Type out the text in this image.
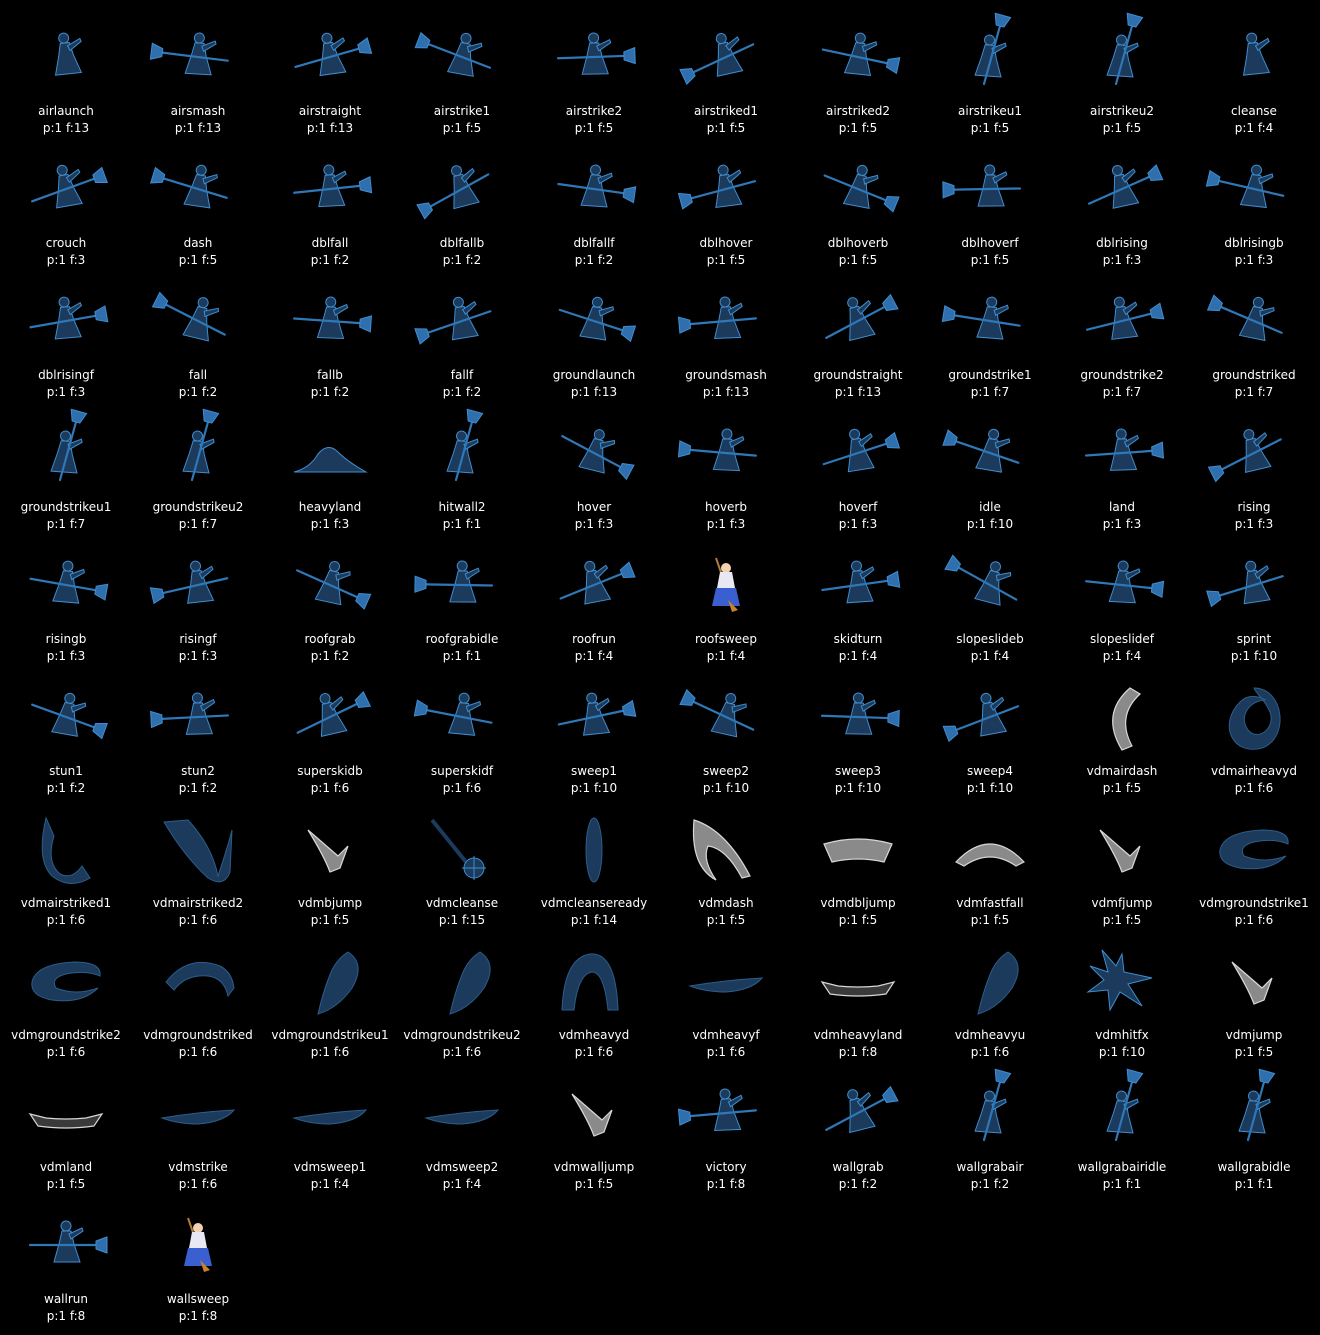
airlaunch
p:1 f:13
airsmash
p:1 f:13
airstraight
p:1 f:13
airstrike1
p:1 f:5
airstrike2
p:1 f:5
airstriked1
p:1 f:5
airstriked2
p:1 f:5
airstrikeu1
p:1 f:5
airstrikeu2
p:1 f:5
cleanse
p:1 f:4
crouch
p:1 f:3
dash
p:1 f:5
dblfall
p:1 f:2
dblfallb
p:1 f:2
dblfallf
p:1 f:2
dblhover
p:1 f:5
dblhoverb
p:1 f:5
dblhoverf
p:1 f:5
dblrising
p:1 f:3
dblrisingb
p:1 f:3
dblrisingf
p:1 f:3
fall
p:1 f:2
fallb
p:1 f:2
fallf
p:1 f:2
groundlaunch
p:1 f:13
groundsmash
p:1 f:13
groundstraight
p:1 f:13
groundstrike1
p:1 f:7
groundstrike2
p:1 f:7
groundstriked
p:1 f:7
groundstrikeu1
p:1 f:7
groundstrikeu2
p:1 f:7
heavyland
p:1 f:3
hitwall2
p:1 f:1
hover
p:1 f:3
hoverb
p:1 f:3
hoverf
p:1 f:3
idle
p:1 f:10
land
p:1 f:3
rising
p:1 f:3
risingb
p:1 f:3
risingf
p:1 f:3
roofgrab
p:1 f:2
roofgrabidle
p:1 f:1
roofrun
p:1 f:4
roofsweep
p:1 f:4
skidturn
p:1 f:4
slopeslideb
p:1 f:4
slopeslidef
p:1 f:4
sprint
p:1 f:10
stun1
p:1 f:2
stun2
p:1 f:2
superskidb
p:1 f:6
superskidf
p:1 f:6
sweep1
p:1 f:10
sweep2
p:1 f:10
sweep3
p:1 f:10
sweep4
p:1 f:10
vdmairdash
p:1 f:5
vdmairheavyd
p:1 f:6
vdmairstriked1
p:1 f:6
vdmairstriked2
p:1 f:6
vdmbjump
p:1 f:5
vdmcleanse
p:1 f:15
vdmcleanseready
p:1 f:14
vdmdash
p:1 f:5
vdmdbljump
p:1 f:5
vdmfastfall
p:1 f:5
vdmfjump
p:1 f:5
vdmgroundstrike1
p:1 f:6
vdmgroundstrike2
p:1 f:6
vdmgroundstriked
p:1 f:6
vdmgroundstrikeu1
p:1 f:6
vdmgroundstrikeu2
p:1 f:6
vdmheavyd
p:1 f:6
vdmheavyf
p:1 f:6
vdmheavyland
p:1 f:8
vdmheavyu
p:1 f:6
vdmhitfx
p:1 f:10
vdmjump
p:1 f:5
vdmland
p:1 f:5
vdmstrike
p:1 f:6
vdmsweep1
p:1 f:4
vdmsweep2
p:1 f:4
vdmwalljump
p:1 f:5
victory
p:1 f:8
wallgrab
p:1 f:2
wallgrabair
p:1 f:2
wallgrabairidle
p:1 f:1
wallgrabidle
p:1 f:1
wallrun
p:1 f:8
wallsweep
p:1 f:8
